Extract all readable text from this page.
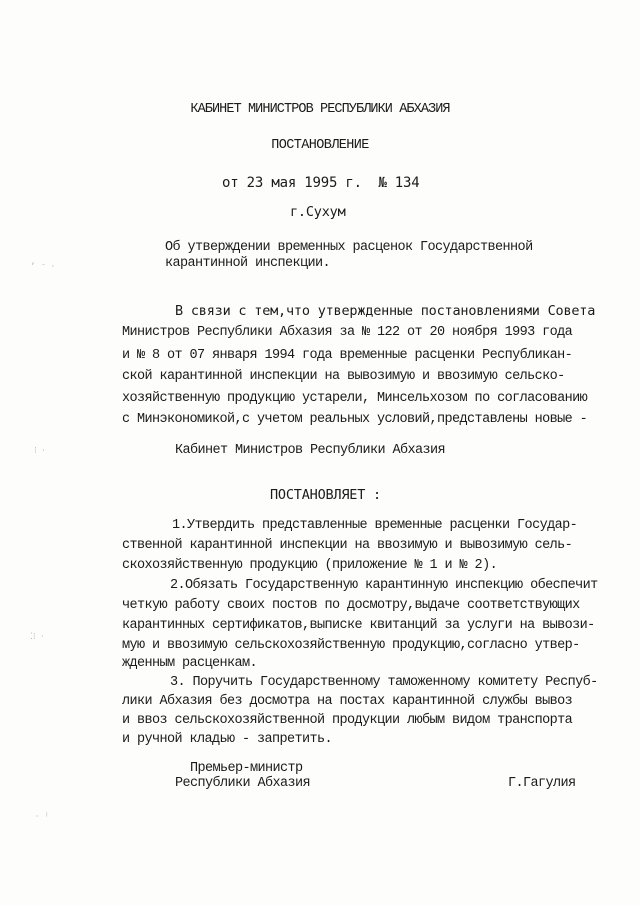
ʼ ⁻ ⸱
⁝ ⸱
⁚⁝ ⸱
⸱ ⁾
КАБИНЕТ МИНИСТРОВ РЕСПУБЛИКИ АБХАЗИЯ
ПОСТАНОВЛЕНИЕ
от 23 мая 1995 г.  № 134
г.Сухум
Об утверждении временных расценок Государственной
карантинной инспекции.
В связи с тем,что утвержденные постановлениями Совета
Министров Республики Абхазия за № 122 от 20 ноября 1993 года
и № 8 от 07 января 1994 года временные расценки Республикан-
ской карантинной инспекции на вывозимую и ввозимую сельско-
хозяйственную продукцию устарели, Минсельхозом по согласованию
с Минэкономикой,с учетом реальных условий,представлены новые -
Кабинет Министров Республики Абхазия
ПОСТАНОВЛЯЕТ :
1.Утвердить представленные временные расценки Государ-
ственной карантинной инспекции на ввозимую и вывозимую сель-
скохозяйственную продукцию (приложение № 1 и № 2).
2.Обязать Государственную карантинную инспекцию обеспечит
четкую работу своих постов по досмотру,выдаче соответствующих
карантинных сертификатов,выписке квитанций за услуги на вывози-
мую и ввозимую сельскохозяйственную продукцию,согласно утвер-
жденным расценкам.
3. Поручить Государственному таможенному комитету Респуб-
лики Абхазия без досмотра на постах карантинной службы вывоз
и ввоз сельскохозяйственной продукции любым видом транспорта
и ручной кладью - запретить.
Премьер-министр
Республики Абхазия	Г.Гагулия
